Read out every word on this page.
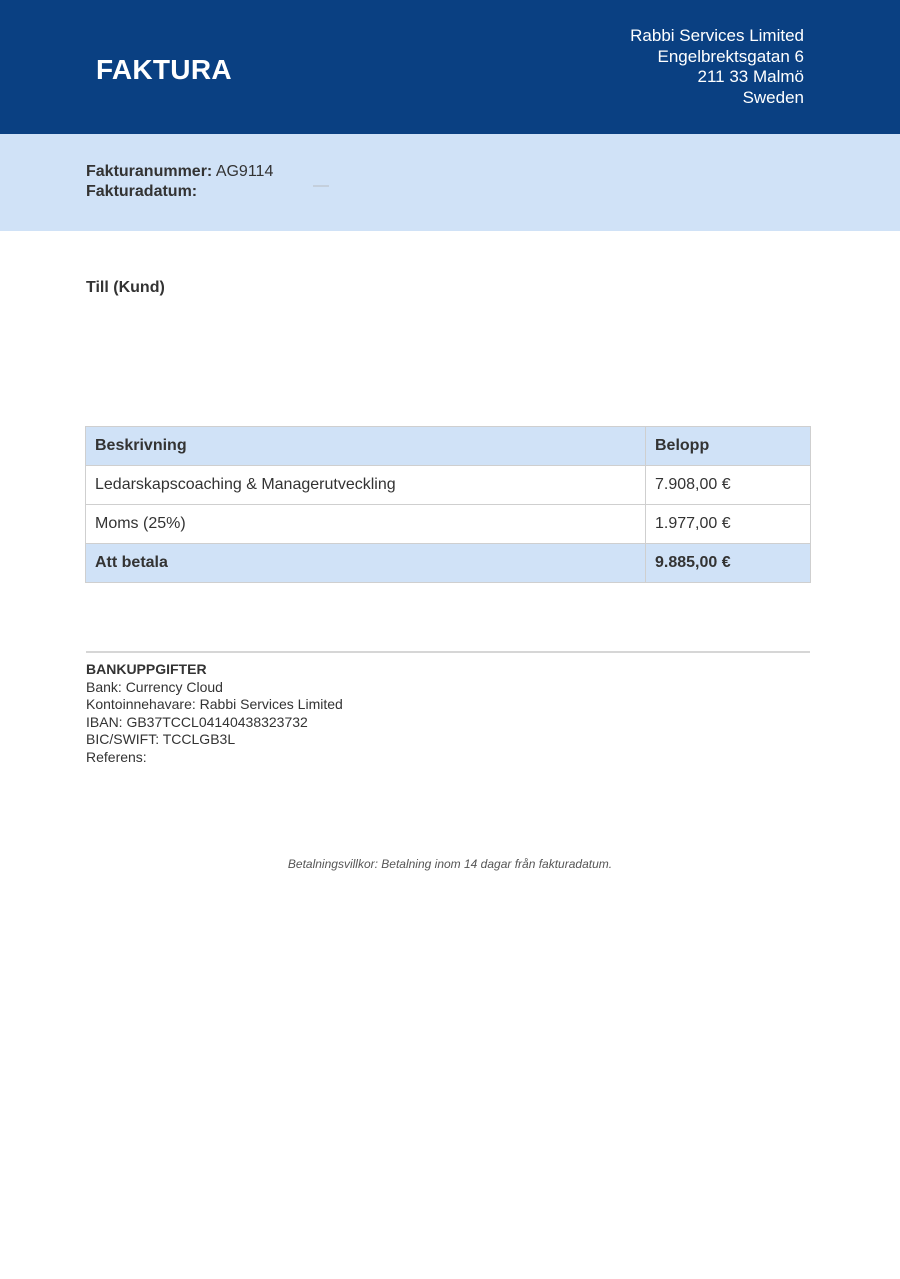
FAKTURA
Rabbi Services Limited
Engelbrektsgatan 6
211 33 Malmö
Sweden
Fakturanummer: AG9114
Fakturadatum:
Till (Kund)
Beskrivning	Belopp
Ledarskapscoaching & Managerutveckling	7.908,00 €
Moms (25%)	1.977,00 €
Att betala	9.885,00 €
BANKUPPGIFTER
Bank: Currency Cloud
Kontoinnehavare: Rabbi Services Limited
IBAN: GB37TCCL04140438323732
BIC/SWIFT: TCCLGB3L
Referens:
Betalningsvillkor: Betalning inom 14 dagar från fakturadatum.
